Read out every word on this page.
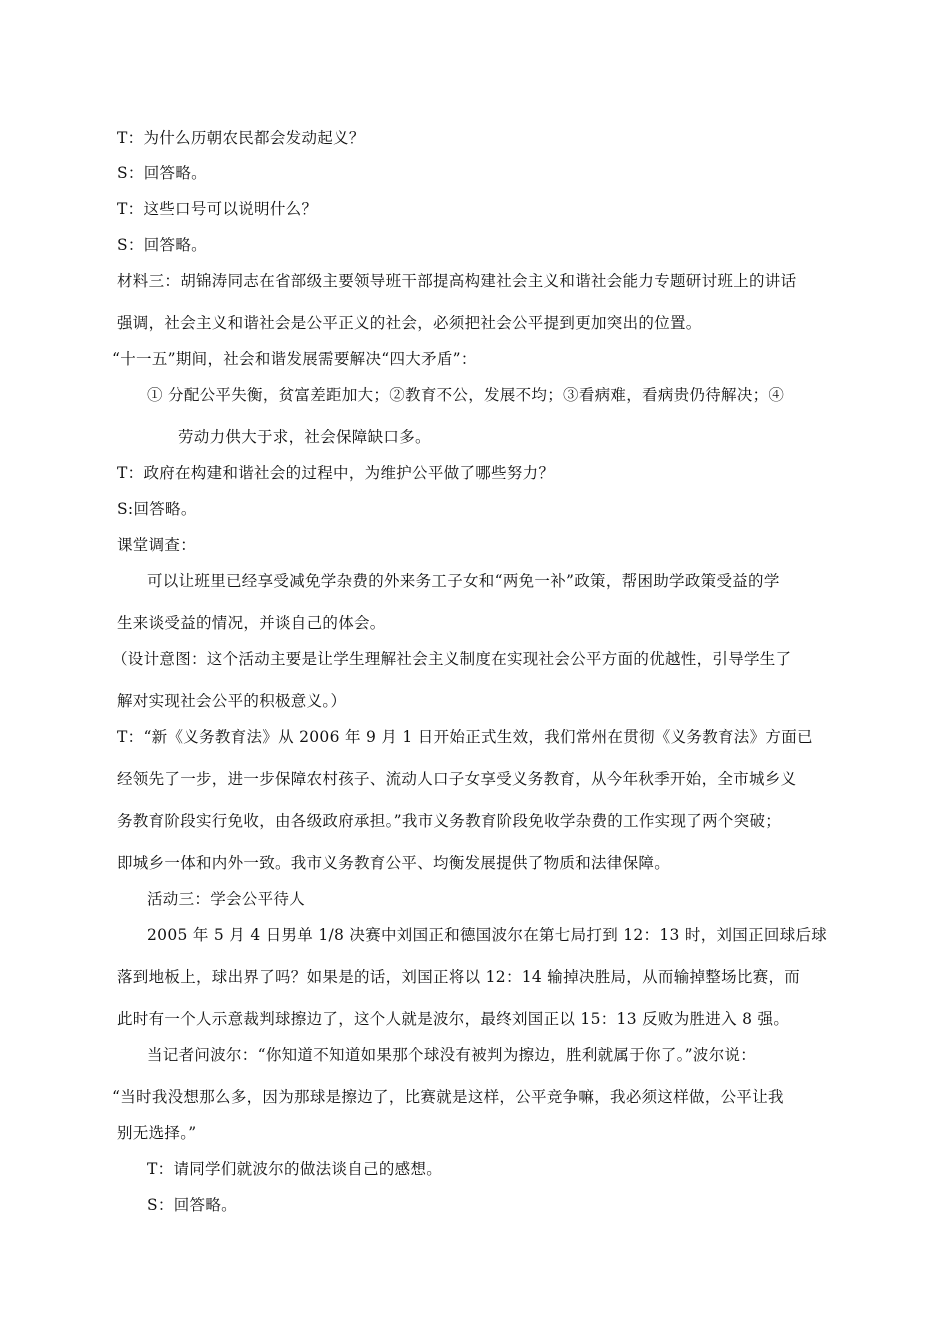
T：为什么历朝农民都会发动起义？
S：回答略。
T：这些口号可以说明什么？
S：回答略。
材料三：胡锦涛同志在省部级主要领导班干部提高构建社会主义和谐社会能力专题研讨班上的讲话
强调，社会主义和谐社会是公平正义的社会，必须把社会公平提到更加突出的位置。
“十一五”期间，社会和谐发展需要解决“四大矛盾”：
① 分配公平失衡，贫富差距加大；②教育不公，发展不均；③看病难，看病贵仍待解决；④
劳动力供大于求，社会保障缺口多。
T：政府在构建和谐社会的过程中，为维护公平做了哪些努力？
S:回答略。
课堂调查：
可以让班里已经享受减免学杂费的外来务工子女和“两免一补”政策，帮困助学政策受益的学
生来谈受益的情况，并谈自己的体会。
（设计意图：这个活动主要是让学生理解社会主义制度在实现社会公平方面的优越性，引导学生了
解对实现社会公平的积极意义。）
T：“新《义务教育法》从 2006 年 9 月 1 日开始正式生效，我们常州在贯彻《义务教育法》方面已
经领先了一步，进一步保障农村孩子、流动人口子女享受义务教育，从今年秋季开始，全市城乡义
务教育阶段实行免收，由各级政府承担。”我市义务教育阶段免收学杂费的工作实现了两个突破；
即城乡一体和内外一致。我市义务教育公平、均衡发展提供了物质和法律保障。
活动三：学会公平待人
2005 年 5 月 4 日男单 1/8 决赛中刘国正和德国波尔在第七局打到 12：13 时，刘国正回球后球
落到地板上，球出界了吗？如果是的话，刘国正将以 12：14 输掉决胜局，从而输掉整场比赛，而
此时有一个人示意裁判球擦边了，这个人就是波尔，最终刘国正以 15：13 反败为胜进入 8 强。
当记者问波尔：“你知道不知道如果那个球没有被判为擦边，胜利就属于你了。”波尔说：
“当时我没想那么多，因为那球是擦边了，比赛就是这样，公平竞争嘛，我必须这样做，公平让我
别无选择。”
T：请同学们就波尔的做法谈自己的感想。
S：回答略。
